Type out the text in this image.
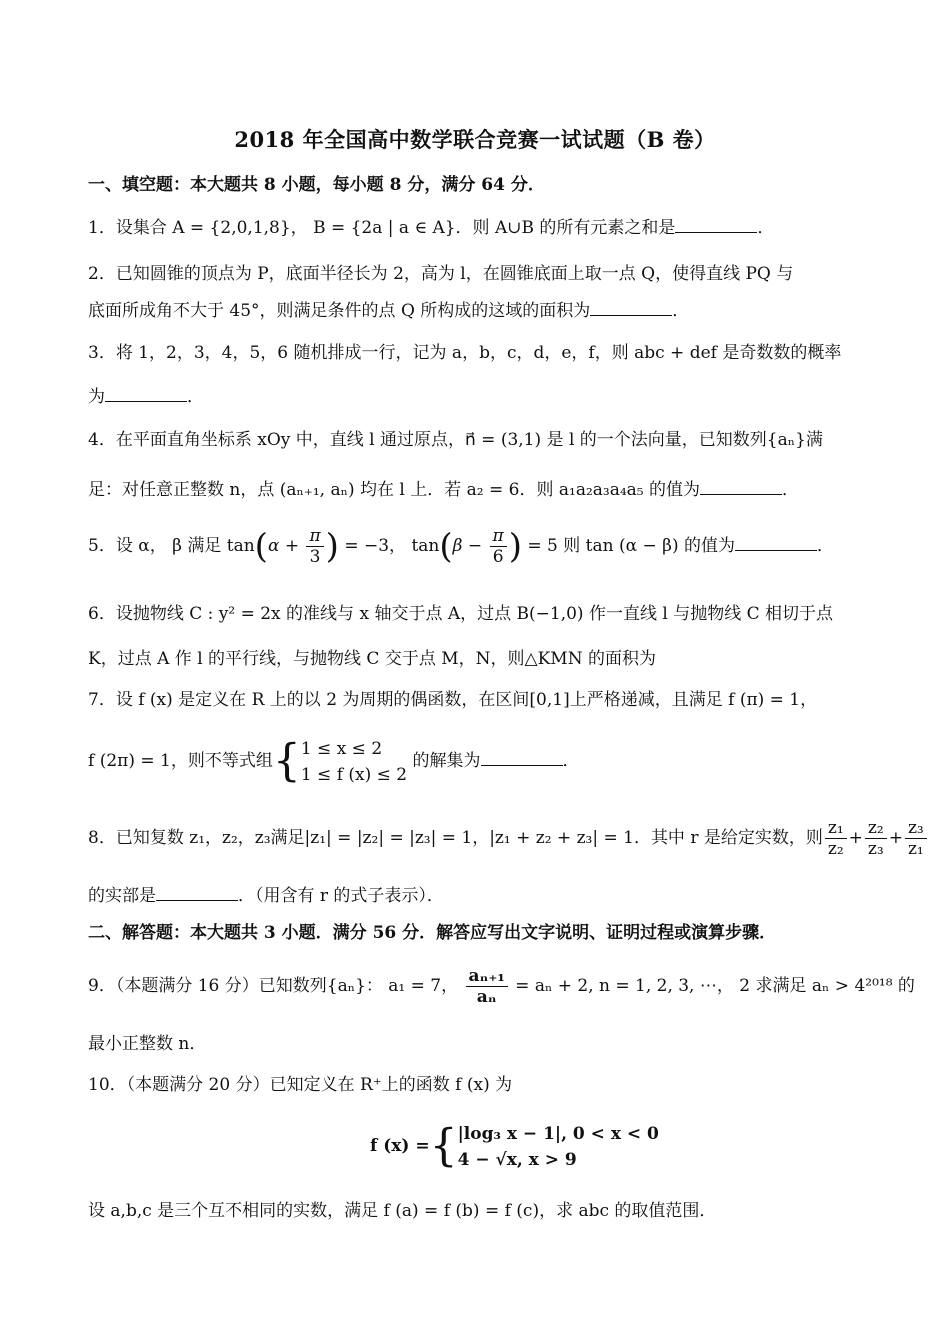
2018 年全国高中数学联合竞赛一试试题（B 卷）
一、填空题：本大题共 8 小题，每小题 8 分，满分 64 分．
1．设集合 A = {2,0,1,8}， B = {2a | a ∈ A}．则 A∪B 的所有元素之和是	．
2．已知圆锥的顶点为 P，底面半径长为 2，高为 l，在圆锥底面上取一点 Q，使得直线 PQ 与
底面所成角不大于 45°，则满足条件的点 Q 所构成的这域的面积为	．
3．将 1，2，3，4，5，6 随机排成一行，记为 a，b，c，d，e，f，则 abc + def 是奇数数的概率
为	．
4．在平面直角坐标系 xOy 中，直线 l 通过原点，n⃗ = (3,1) 是 l 的一个法向量，已知数列{aₙ}满
足：对任意正整数 n，点 (aₙ₊₁, aₙ) 均在 l 上．若 a₂ = 6．则 a₁a₂a₃a₄a₅ 的值为	．
5．设 α， β 满足 $\tan(\alpha + \frac{\pi}{3}$ ) = −3， $\tan(\beta - \frac{\pi}{6}$ ) = 5 则 tan (α − β) 的值为	．
6．设抛物线 C : y² = 2x 的准线与 x 轴交于点 A，过点 B(−1,0) 作一直线 l 与抛物线 C 相切于点
K，过点 A 作 l 的平行线，与抛物线 C 交于点 M，N，则△KMN 的面积为
7．设 f (x) 是定义在 R 上的以 2 为周期的偶函数，在区间[0,1]上严格递减，且满足 f (π) = 1，
f (2π) = 1，则不等式组{ 1 ≤ x ≤ 2
1 ≤ f (x) ≤ 2
的解集为	．
8．已知复数 z₁，z₂，z₃满足|z₁| = |z₂| = |z₃| = 1，|z₁ + z₂ + z₃| = 1．其中 r 是给定实数，则 $\frac{\text{z₁}}{\text{z₂}} + \frac{\text{z₂}}{\text{z₃}} + \frac{\text{z₃}}{\text{z₁}}$
的实部是	．（用含有 r 的式子表示）．
二、解答题：本大题共 3 小题．满分 56 分．解答应写出文字说明、证明过程或演算步骤．
9．（本题满分 16 分）已知数列{aₙ}： a₁ = 7， $\frac{\text{aₙ₊₁}}{\text{aₙ}} = a_n + 2$, n = 1, 2, 3, ⋯， 2 求满足 aₙ > 4²⁰¹⁸ 的
最小正整数 n．
10．（本题满分 20 分）已知定义在 R⁺上的函数 f (x) 为
f (x) ={ |log₃ x − 1|, 0 < x < 0
4 − √x, x > 9
设 a,b,c 是三个互不相同的实数，满足 f (a) = f (b) = f (c)，求 abc 的取值范围．
